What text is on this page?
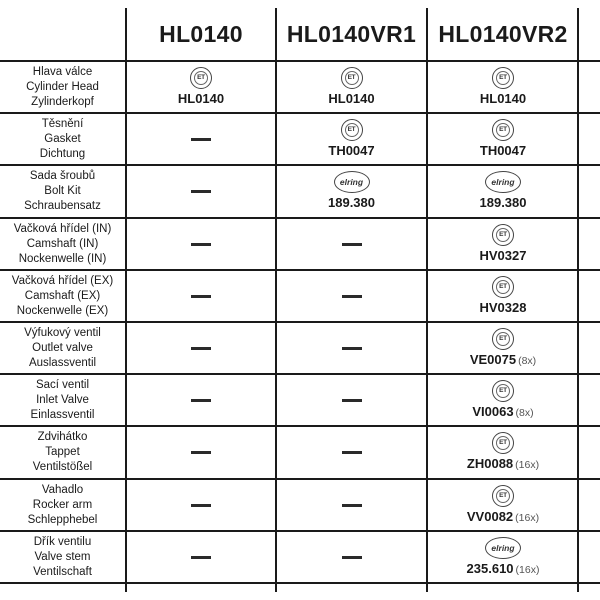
HL0140	HL0140VR1 HL0140VR2
Hlava válce
Cylinder Head
Zylinderkopf
ET
HL0140
ET
HL0140
ET
HL0140
Těsnění
Gasket
Dichtung
ET
TH0047
ET
TH0047
Sada šroubů
Bolt Kit
Schraubensatz
elring
189.380
elring
189.380
Vačková hřídel (IN)
Camshaft (IN)
Nockenwelle (IN)
ET
HV0327
Vačková hřídel (EX)
Camshaft (EX)
Nockenwelle (EX)
ET
HV0328
Výfukový ventil
Outlet valve
Auslassventil
ET
VE0075 (8x)
Sací ventil
Inlet Valve
Einlassventil
ET
VI0063 (8x)
Zdvihátko
Tappet
Ventilstößel
ET
ZH0088 (16x)
Vahadlo
Rocker arm
Schlepphebel
ET
VV0082 (16x)
Dřík ventilu
Valve stem
Ventilschaft
elring
235.610 (16x)
